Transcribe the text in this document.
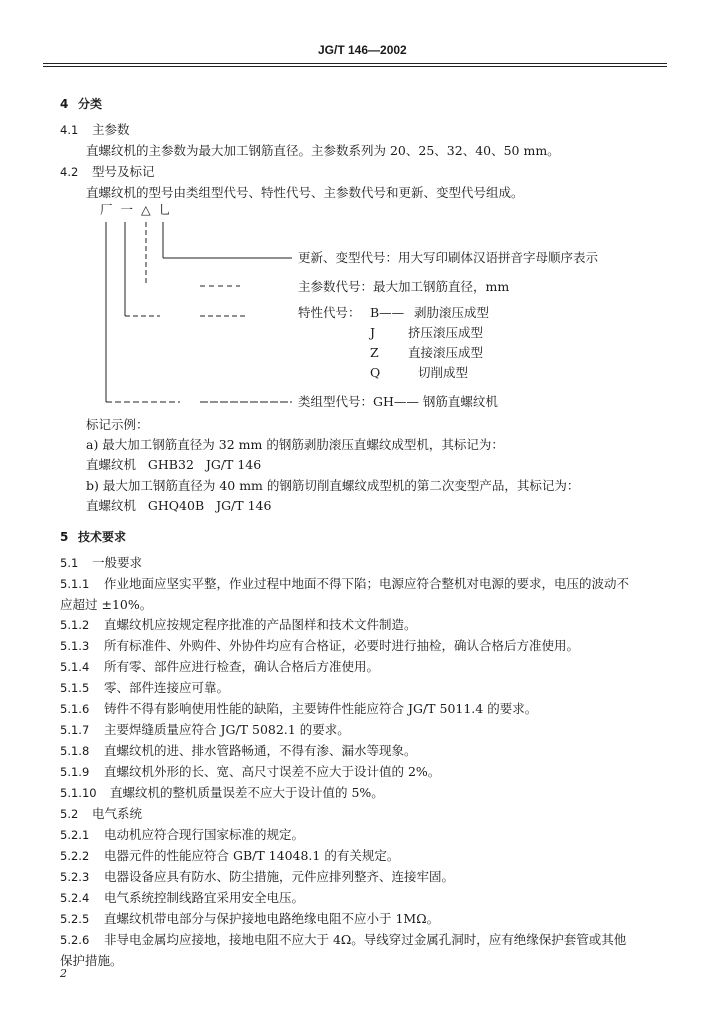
JG/T 146—2002
4 分类
4.1 主参数
直螺纹机的主参数为最大加工钢筋直径。主参数系列为 20、25、32、40、50 mm。
4.2 型号及标记
直螺纹机的型号由类组型代号、特性代号、主参数代号和更新、变型代号组成。
厂 一 △ 乚
更新、变型代号：用大写印刷体汉语拼音字母顺序表示
主参数代号：最大加工钢筋直径，mm
特性代号： B—— 剥肋滚压成型
J	挤压滚压成型
Z 直接滚压成型
Q	切削成型
类组型代号：GH—— 钢筋直螺纹机
标记示例：
a) 最大加工钢筋直径为 32 mm 的钢筋剥肋滚压直螺纹成型机，其标记为：
直螺纹机   GHB32   JG/T 146
b) 最大加工钢筋直径为 40 mm 的钢筋切削直螺纹成型机的第二次变型产品，其标记为：
直螺纹机   GHQ40B   JG/T 146
5 技术要求
5.1 一般要求
5.1.1 作业地面应坚实平整，作业过程中地面不得下陷；电源应符合整机对电源的要求，电压的波动不
应超过 ±10%。
5.1.2 直螺纹机应按规定程序批准的产品图样和技术文件制造。
5.1.3 所有标准件、外购件、外协件均应有合格证，必要时进行抽检，确认合格后方准使用。
5.1.4 所有零、部件应进行检查，确认合格后方准使用。
5.1.5 零、部件连接应可靠。
5.1.6 铸件不得有影响使用性能的缺陷，主要铸件性能应符合 JG/T 5011.4 的要求。
5.1.7 主要焊缝质量应符合 JG/T 5082.1 的要求。
5.1.8 直螺纹机的进、排水管路畅通，不得有渗、漏水等现象。
5.1.9 直螺纹机外形的长、宽、高尺寸误差不应大于设计值的 2%。
5.1.10 直螺纹机的整机质量误差不应大于设计值的 5%。
5.2 电气系统
5.2.1 电动机应符合现行国家标准的规定。
5.2.2 电器元件的性能应符合 GB/T 14048.1 的有关规定。
5.2.3 电器设备应具有防水、防尘措施，元件应排列整齐、连接牢固。
5.2.4 电气系统控制线路宜采用安全电压。
5.2.5 直螺纹机带电部分与保护接地电路绝缘电阻不应小于 1MΩ。
5.2.6 非导电金属均应接地，接地电阻不应大于 4Ω。导线穿过金属孔洞时，应有绝缘保护套管或其他
保护措施。
2
